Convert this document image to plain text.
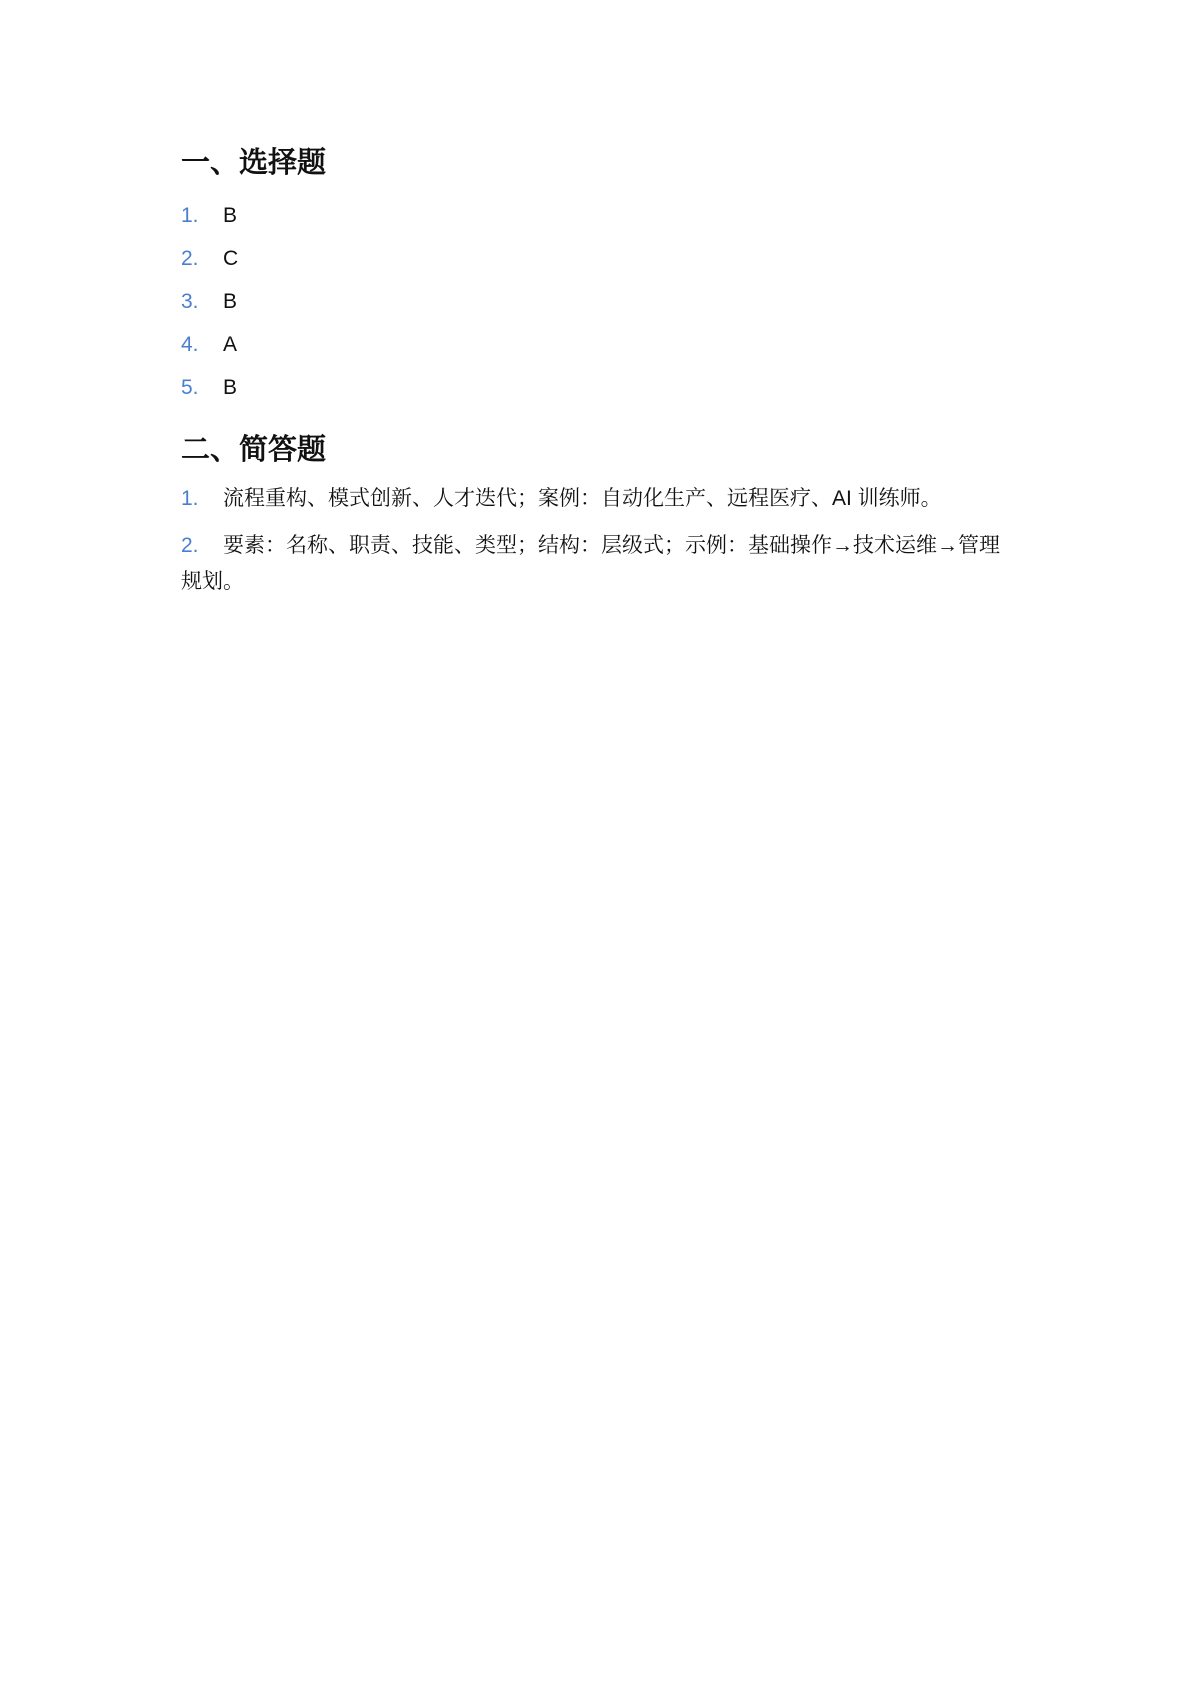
一、选择题
1. B
2. C
3. B
4. A
5. B
二、简答题
1. 流程重构、模式创新、人才迭代；案例：自动化生产、远程医疗、AI 训练师。
2. 要素：名称、职责、技能、类型；结构：层级式；示例：基础操作→技术运维→管理规划。
